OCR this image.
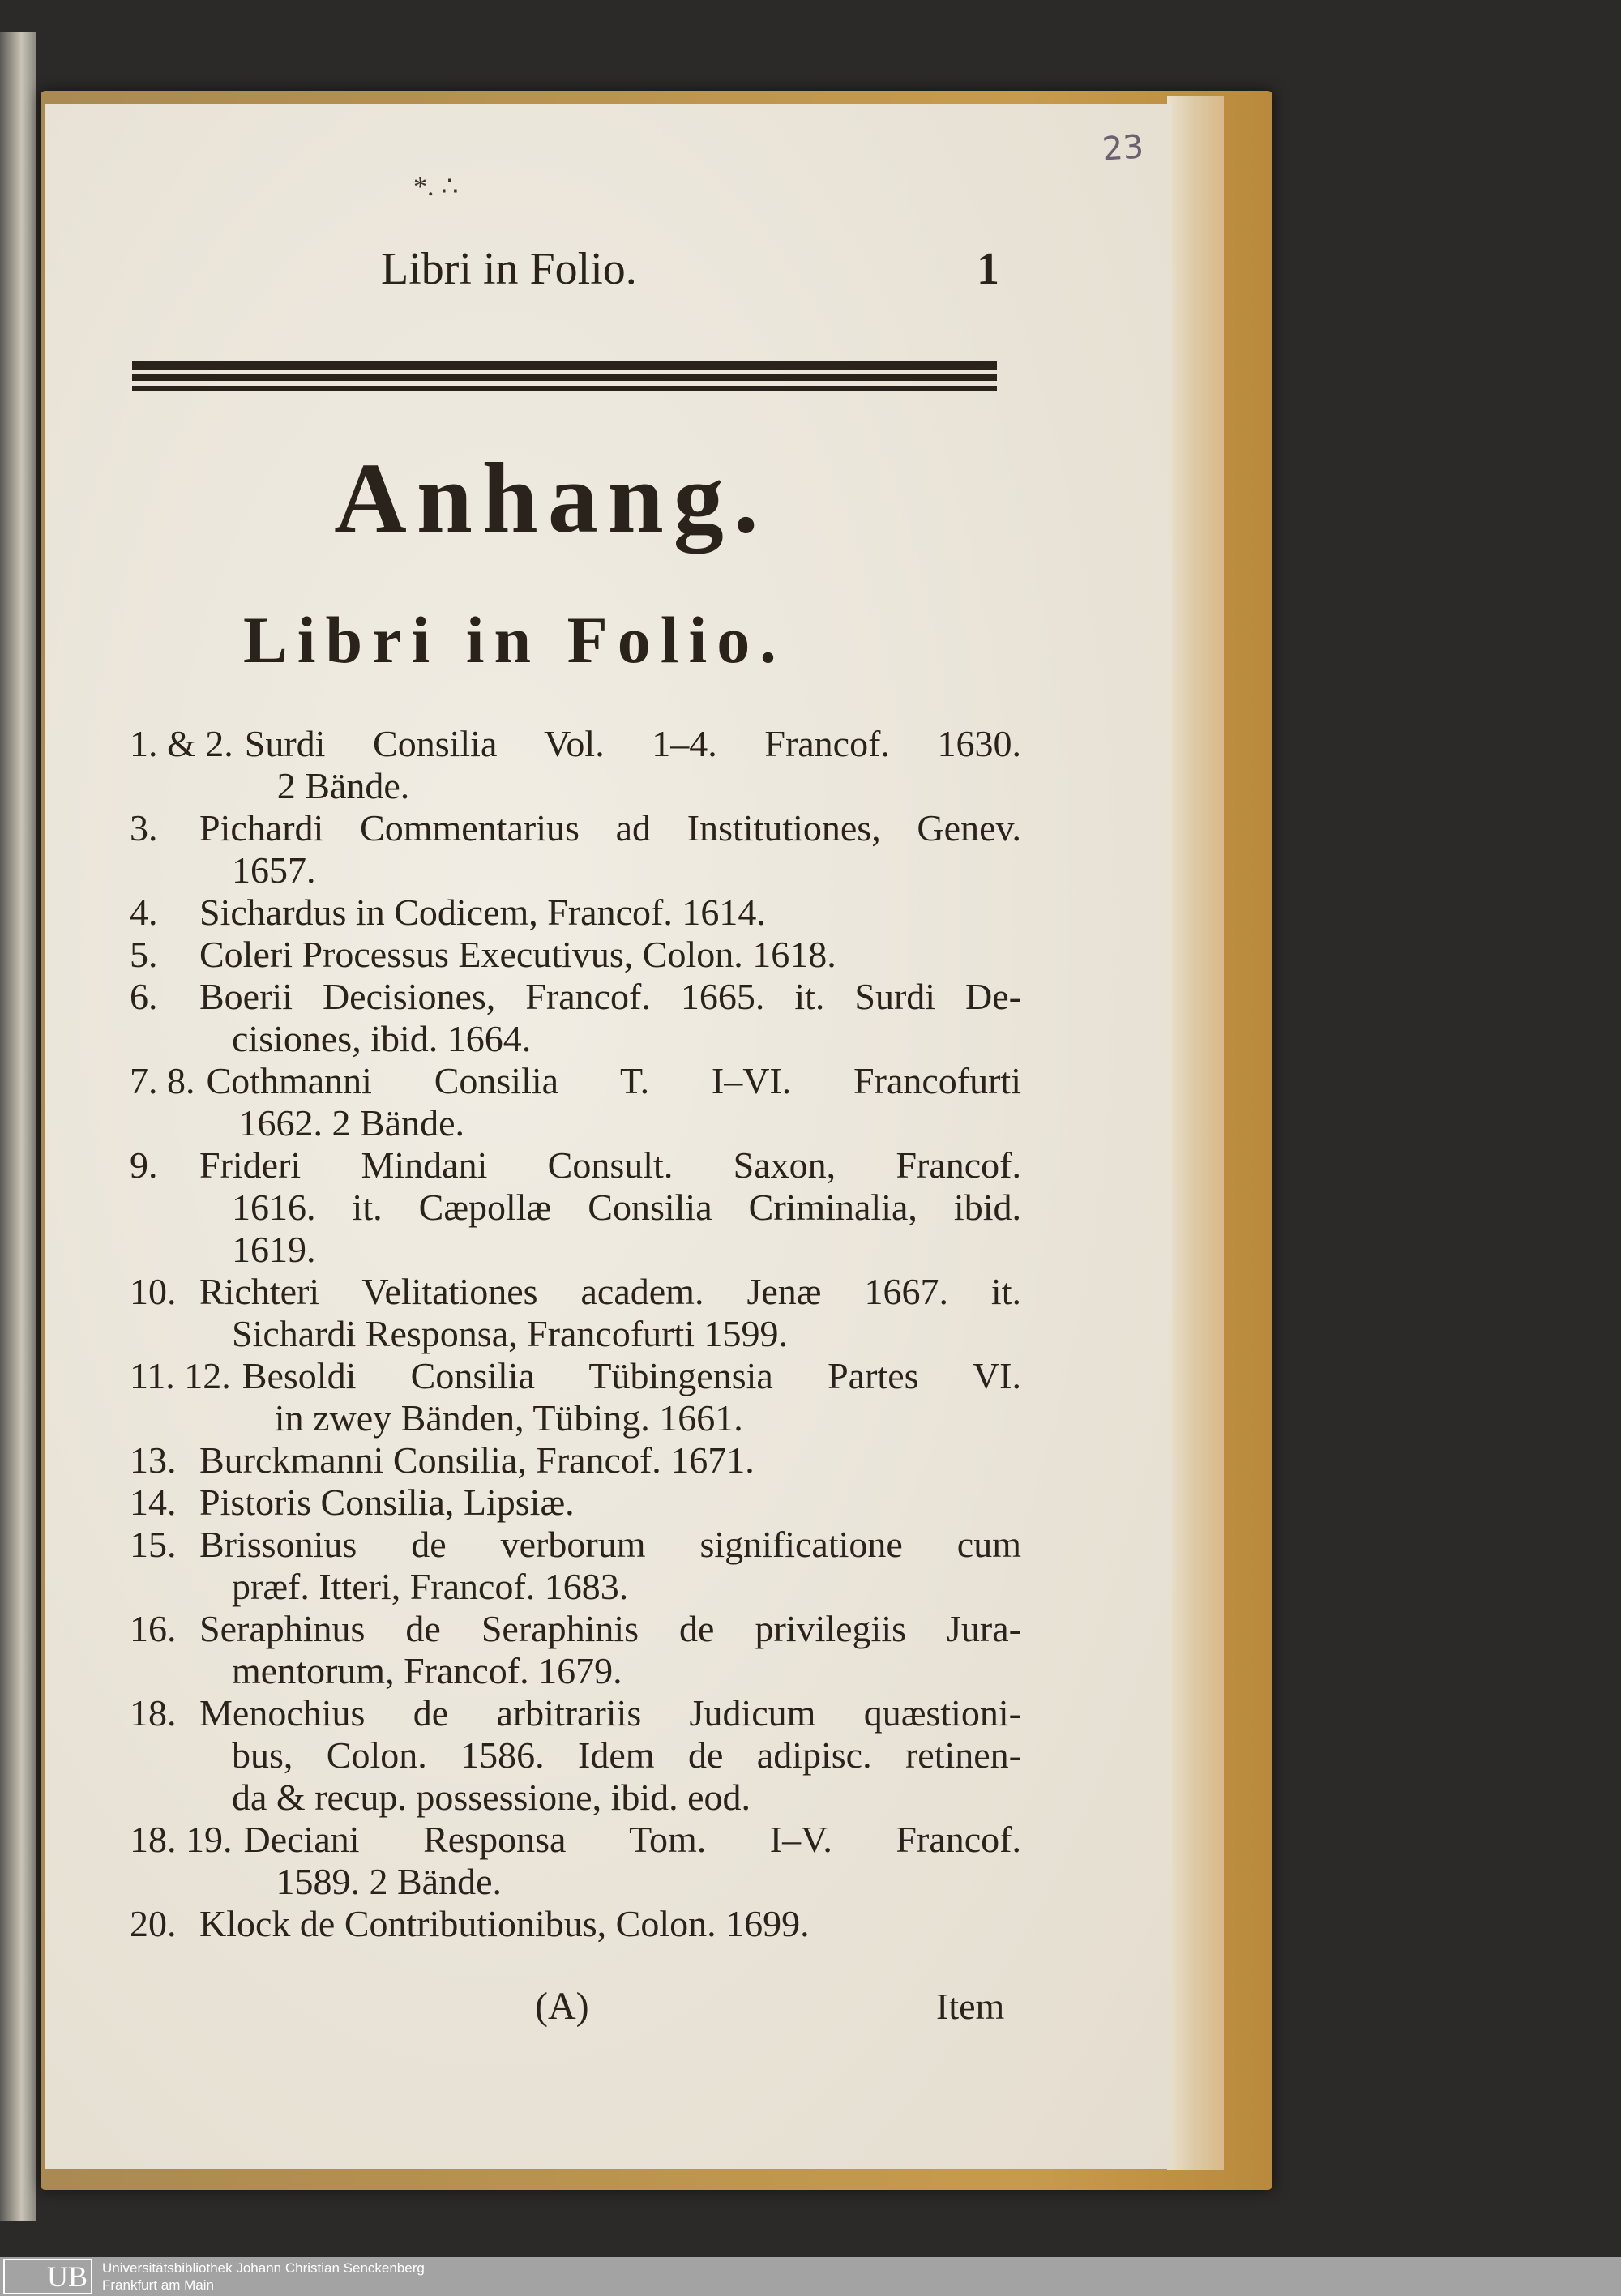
23
*. ∴
Libri in Folio.	1
Anhang.
Libri in Folio.
1. & 2. Surdi Consilia Vol. 1–4. Francof. 1630.
2 Bände.
3.	Pichardi Commentarius ad Institutiones, Genev.
1657.
4.	Sichardus in Codicem, Francof. 1614.
5.	Coleri Processus Executivus, Colon. 1618.
6.	Boerii Decisiones, Francof. 1665. it. Surdi De-
cisiones, ibid. 1664.
7. 8. Cothmanni Consilia T. I–VI. Francofurti
1662. 2 Bände.
9.	Frideri Mindani Consult. Saxon, Francof.
1616. it. Cæpollæ Consilia Criminalia, ibid.
1619.
10. Richteri Velitationes academ. Jenæ 1667. it.
Sichardi Responsa, Francofurti 1599.
11. 12. Besoldi Consilia Tübingensia Partes VI.
in zwey Bänden, Tübing. 1661.
13. Burckmanni Consilia, Francof. 1671.
14. Pistoris Consilia, Lipsiæ.
15. Brissonius de verborum significatione cum
præf. Itteri, Francof. 1683.
16. Seraphinus de Seraphinis de privilegiis Jura-
mentorum, Francof. 1679.
18. Menochius de arbitrariis Judicum quæstioni-
bus, Colon. 1586. Idem de adipisc. retinen-
da & recup. possessione, ibid. eod.
18. 19. Deciani Responsa Tom. I–V. Francof.
1589. 2 Bände.
20. Klock de Contributionibus, Colon. 1699.
(A)	Item
UB	Universitätsbibliothek Johann Christian Senckenberg
Frankfurt am Main
